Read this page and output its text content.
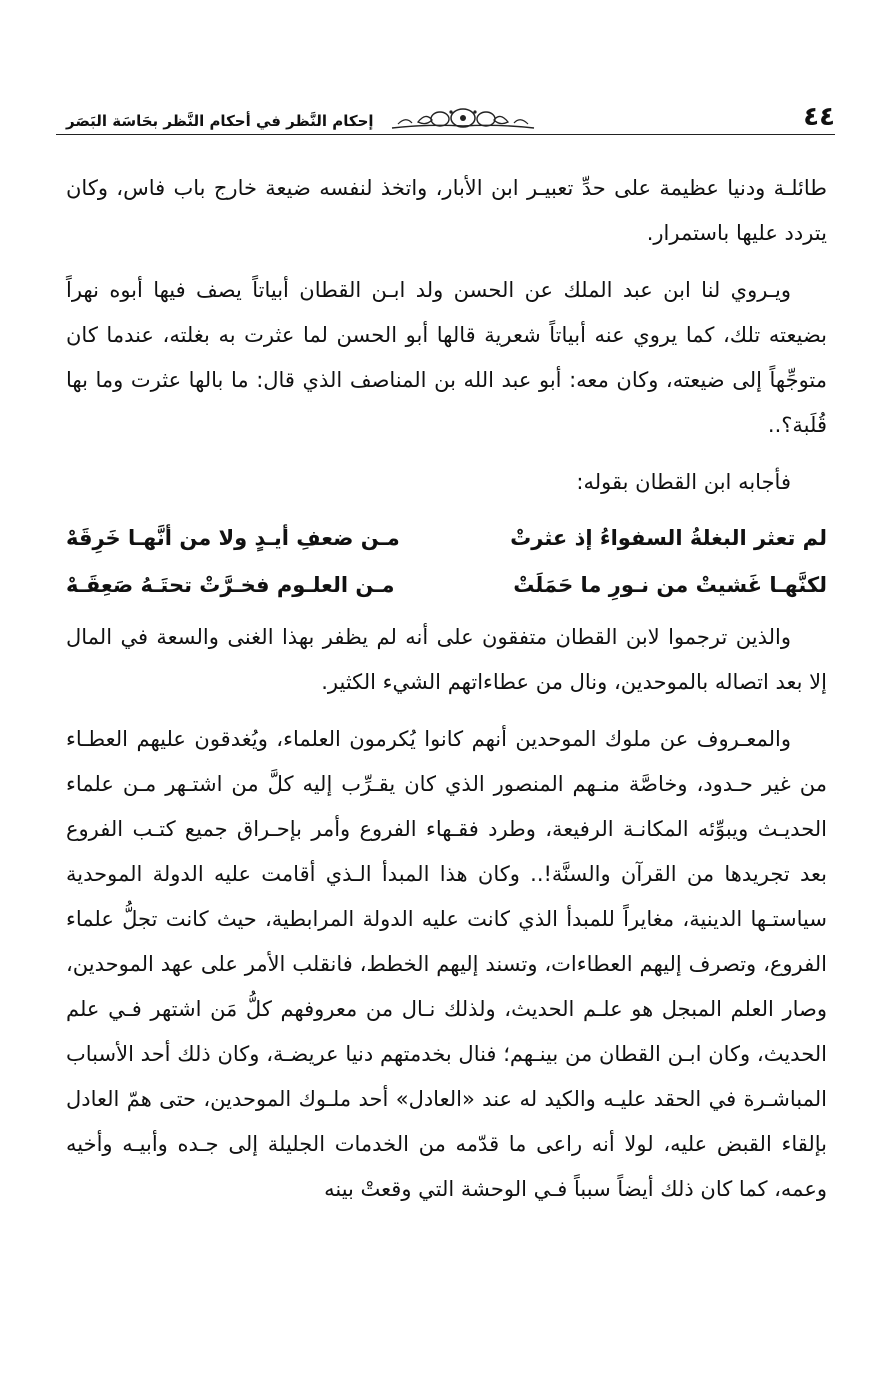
٤٤
إحكام النَّظر في أحكام النَّظر بحَاسَة البَصَر

طائلـة ودنيا عظيمة على حدِّ تعبيـر ابن الأبار، واتخذ لنفسه ضيعة خارج باب فاس، وكان يتردد عليها باستمرار.

ويـروي لنا ابن عبد الملك عن الحسن ولد ابـن القطان أبياتاً يصف فيها أبوه نهراً بضيعته تلك، كما يروي عنه أبياتاً شعرية قالها أبو الحسن لما عثرت به بغلته، عندما كان متوجِّهاً إلى ضيعته، وكان معه: أبو عبد الله بن المناصف الذي قال: ما بالها عثرت وما بها قُلَبة؟..

فأجابه ابن القطان بقوله:

لم تعثر البغلةُ السفواءُ إذ عثرتْ
مـن ضعفِ أيـدٍ ولا من أنَّهـا خَرِقَهْ
لكنَّهـا غَشيتْ من نـورِ ما حَمَلَتْ
مـن العلـوم فخـرَّتْ تحتَـهُ صَعِقَـهْ

والذين ترجموا لابن القطان متفقون على أنه لم يظفر بهذا الغنى والسعة في المال إلا بعد اتصاله بالموحدين، ونال من عطاءاتهم الشيء الكثير.

والمعـروف عن ملوك الموحدين أنهم كانوا يُكرمون العلماء، ويُغدقون عليهم العطـاء من غير حـدود، وخاصَّة منـهم المنصور الذي كان يقـرِّب إليه كلَّ من اشتـهر مـن علماء الحديـث ويبوِّئه المكانـة الرفيعة، وطرد فقـهاء الفروع وأمر بإحـراق جميع كتـب الفروع بعد تجريدها من القرآن والسنَّة!.. وكان هذا المبدأ الـذي أقامت عليه الدولة الموحدية سياستـها الدينية، مغايراً للمبدأ الذي كانت عليه الدولة المرابطية، حيث كانت تجلُّ علماء الفروع، وتصرف إليهم العطاءات، وتسند إليهم الخطط، فانقلب الأمر على عهد الموحدين، وصار العلم المبجل هو علـم الحديث، ولذلك نـال من معروفهم كلُّ مَن اشتهر فـي علم الحديث، وكان ابـن القطان من بينـهم؛ فنال بخدمتهم دنيا عريضـة، وكان ذلك أحد الأسباب المباشـرة في الحقد عليـه والكيد له عند «العادل» أحد ملـوك الموحدين، حتى همّ العادل بإلقاء القبض عليه، لولا أنه راعى ما قدّمه من الخدمات الجليلة إلى جـده وأبيـه وأخيه وعمه، كما كان ذلك أيضاً سبباً فـي الوحشة التي وقعتْ بينه
